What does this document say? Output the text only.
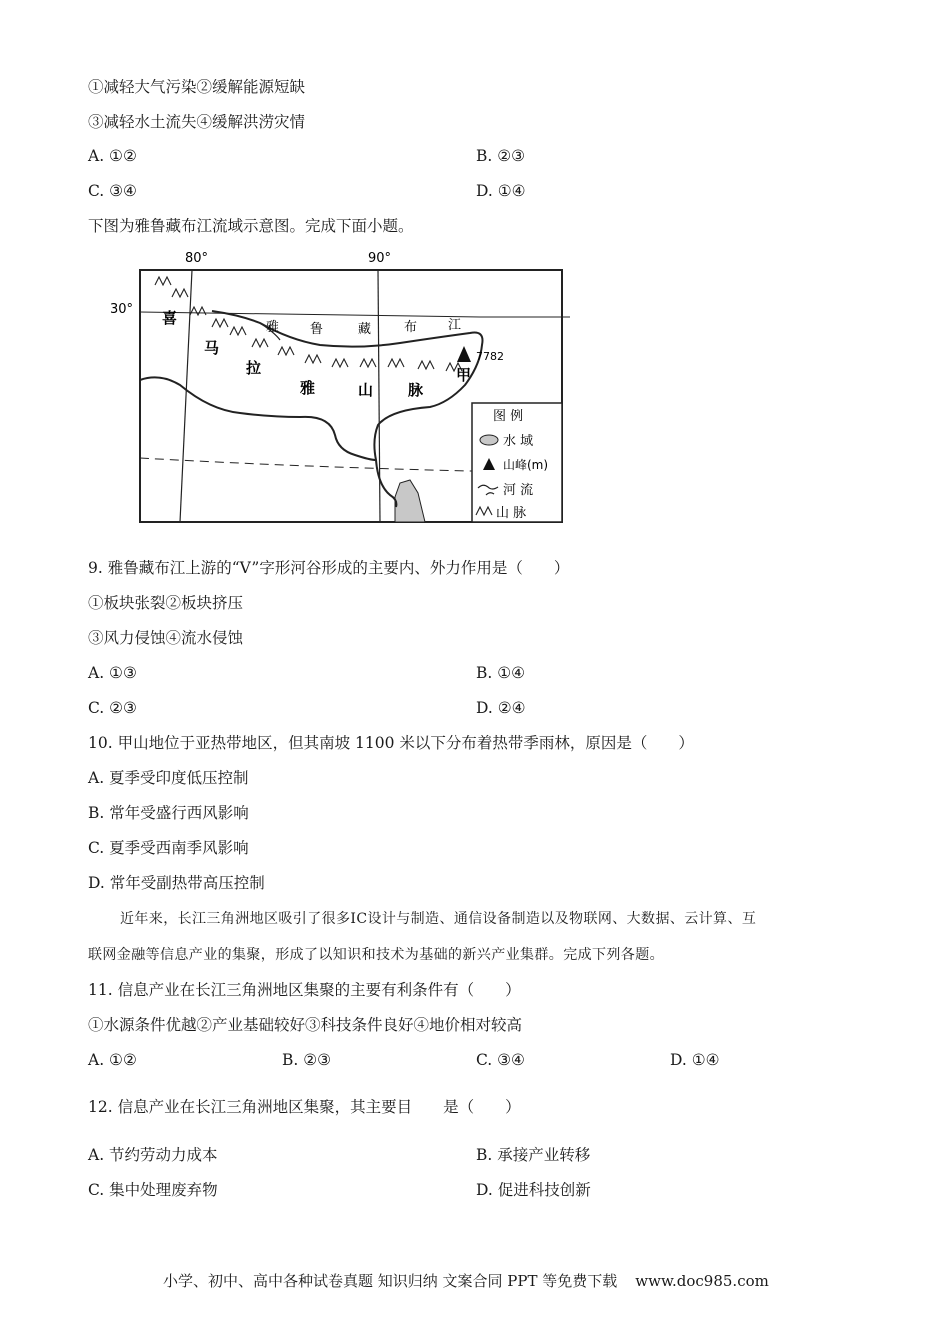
①减轻大气污染②缓解能源短缺
③减轻水土流失④缓解洪涝灾情
A. ①②	B. ②③
C. ③④	D. ①④
下图为雅鲁藏布江流域示意图。完成下面小题。
80°	90°
30° 喜
马
拉
雅	山 脉
雅 鲁	藏	布 江
7782
甲
图 例
水 域
山峰(m)
河 流
山 脉
9. 雅鲁藏布江上游的“V”字形河谷形成的主要内、外力作用是（　　）
①板块张裂②板块挤压
③风力侵蚀④流水侵蚀
A. ①③	B. ①④
C. ②③	D. ②④
10. 甲山地位于亚热带地区，但其南坡 1100 米以下分布着热带季雨林，原因是（　　）
A. 夏季受印度低压控制
B. 常年受盛行西风影响
C. 夏季受西南季风影响
D. 常年受副热带高压控制
近年来，长江三角洲地区吸引了很多IC设计与制造、通信设备制造以及物联网、大数据、云计算、互
联网金融等信息产业的集聚，形成了以知识和技术为基础的新兴产业集群。完成下列各题。
11. 信息产业在长江三角洲地区集聚的主要有利条件有（　　）
①水源条件优越②产业基础较好③科技条件良好④地价相对较高
A. ①②	B. ②③	C. ③④	D. ①④
12. 信息产业在长江三角洲地区集聚，其主要目　　是（　　）
A. 节约劳动力成本	B. 承接产业转移
C. 集中处理废弃物	D. 促进科技创新
小学、初中、高中各种试卷真题 知识归纳 文案合同 PPT 等免费下载 www.doc985.com
